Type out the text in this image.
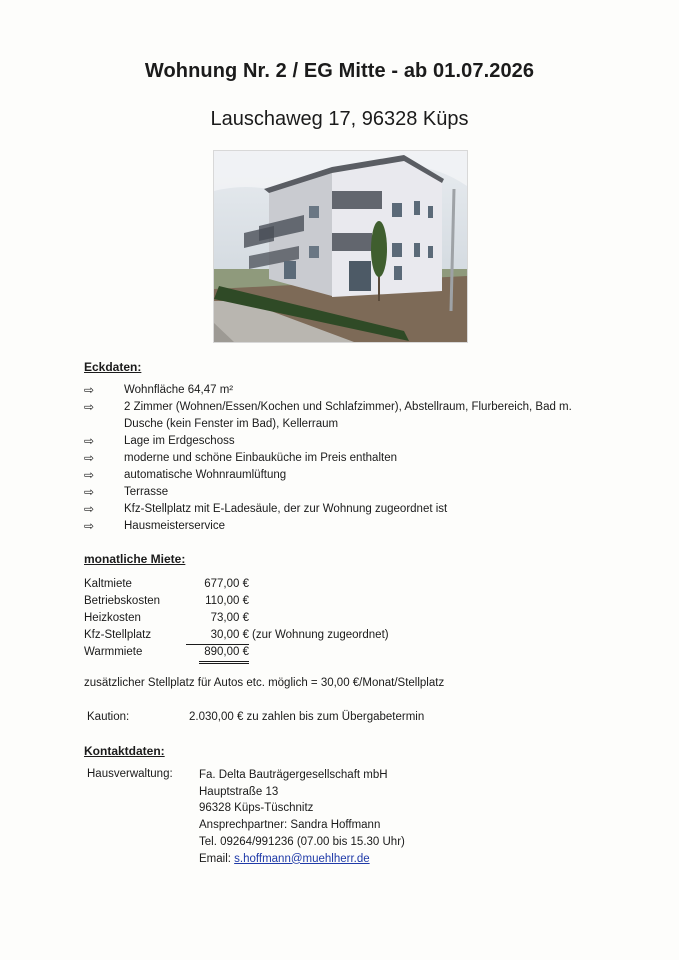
Wohnung Nr. 2 / EG Mitte - ab 01.07.2026
Lauschaweg 17, 96328 Küps
Eckdaten:
⇨	Wohnfläche 64,47 m²
⇨	2 Zimmer (Wohnen/Essen/Kochen und Schlafzimmer), Abstellraum, Flurbereich, Bad m. Dusche (kein Fenster im Bad), Kellerraum
⇨	Lage im Erdgeschoss
⇨	moderne und schöne Einbauküche im Preis enthalten
⇨	automatische Wohnraumlüftung
⇨	Terrasse
⇨	Kfz-Stellplatz mit E-Ladesäule, der zur Wohnung zugeordnet ist
⇨	Hausmeisterservice
monatliche Miete:
Kaltmiete	677,00 €
Betriebskosten	110,00 €
Heizkosten	73,00 €
Kfz-Stellplatz	30,00 € (zur Wohnung zugeordnet)
Warmmiete	890,00 €
zusätzlicher Stellplatz für Autos etc. möglich = 30,00 €/Monat/Stellplatz
Kaution:	2.030,00 € zu zahlen bis zum Übergabetermin
Kontaktdaten:
Hausverwaltung: Fa. Delta Bauträgergesellschaft mbH
Hauptstraße 13
96328 Küps-Tüschnitz
Ansprechpartner: Sandra Hoffmann
Tel. 09264/991236 (07.00 bis 15.30 Uhr)
Email: s.hoffmann@muehlherr.de
